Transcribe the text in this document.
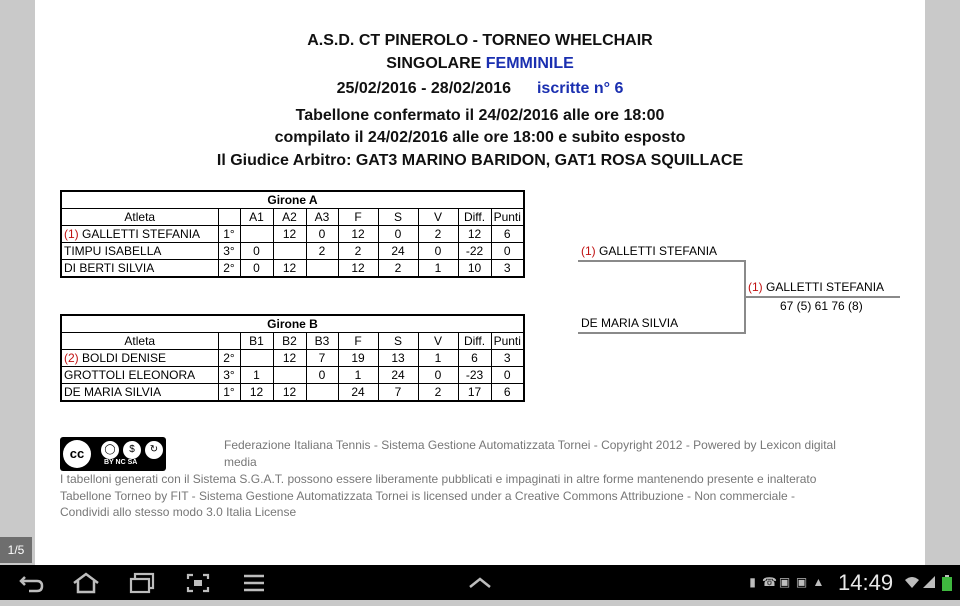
A.S.D. CT PINEROLO - TORNEO WHELCHAIR
SINGOLARE FEMMINILE
25/02/2016 - 28/02/2016 iscritte n° 6
Tabellone confermato il 24/02/2016 alle ore 18:00
compilato il 24/02/2016 alle ore 18:00 e subito esposto
Il Giudice Arbitro: GAT3 MARINO BARIDON, GAT1 ROSA SQUILLACE
Girone A									
Atleta		A1	A2	A3	F	S	V	Diff.	Punti
(1) GALLETTI STEFANIA	1°		12	0	12	0	2	12	6
TIMPU ISABELLA	3°	0		2	2	24	0	-22	0
DI BERTI SILVIA	2°	0	12		12	2	1	10	3
Girone B									
Atleta		B1	B2	B3	F	S	V	Diff.	Punti
(2) BOLDI DENISE	2°		12	7	19	13	1	6	3
GROTTOLI ELEONORA	3°	1		0	1	24	0	-23	0
DE MARIA SILVIA	1°	12	12		24	7	2	17	6
(1) GALLETTI STEFANIA
DE MARIA SILVIA
(1) GALLETTI STEFANIA
67 (5) 61 76 (8)
cc	◯	$	↻
BY NC SA
Federazione Italiana Tennis - Sistema Gestione Automatizzata Tornei - Copyright 2012 - Powered by Lexicon digital
media
I tabelloni generati con il Sistema S.G.A.T. possono essere liberamente pubblicati e impaginati in altre forme mantenendo presente e inalterato
Tabellone Torneo by FIT - Sistema Gestione Automatizzata Tornei is licensed under a Creative Commons Attribuzione - Non commerciale -
Condividi allo stesso modo 3.0 Italia License
1/5
▮ ☎ ▣ ▣ ▲ 14:49
